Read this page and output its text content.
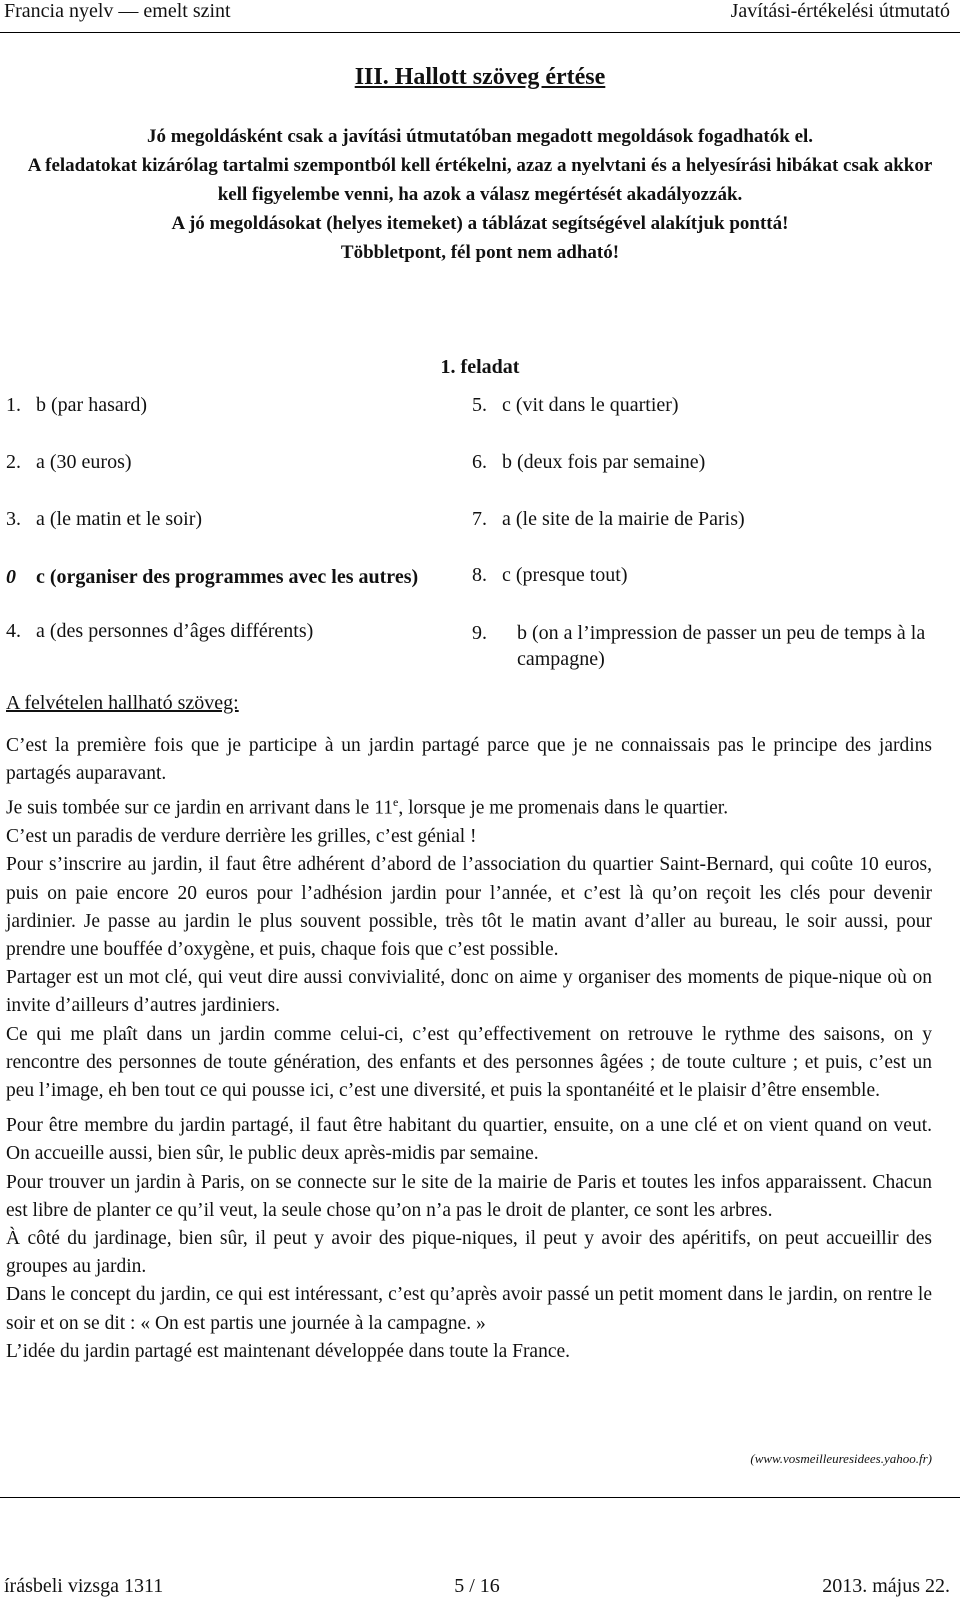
Francia nyelv — emelt szint	Javítási-értékelési útmutató
III. Hallott szöveg értése

Jó megoldásként csak a javítási útmutatóban megadott megoldások fogadhatók el.

A feladatokat kizárólag tartalmi szempontból kell értékelni, azaz a nyelvtani és a helyesírási hibákat csak akkor kell figyelembe venni, ha azok a válasz megértését akadályozzák.

A jó megoldásokat (helyes itemeket) a táblázat segítségével alakítjuk ponttá!

Többletpont, fél pont nem adható!

1. feladat
1. b (par hasard)
2. a (30 euros)
3. a (le matin et le soir)
0 c (organiser des programmes avec les autres)
4. a (des personnes d’âges différents)
5. c (vit dans le quartier)
6. b (deux fois par semaine)
7. a (le site de la mairie de Paris)
8. c (presque tout)
9. b (on a l’impression de passer un peu de temps à la campagne)
A felvételen hallható szöveg:

C’est la première fois que je participe à un jardin partagé parce que je ne connaissais pas le principe des jardins partagés auparavant.

Je suis tombée sur ce jardin en arrivant dans le 11e, lorsque je me promenais dans le quartier.

C’est un paradis de verdure derrière les grilles, c’est génial !

Pour s’inscrire au jardin, il faut être adhérent d’abord de l’association du quartier Saint-Bernard, qui coûte 10 euros, puis on paie encore 20 euros pour l’adhésion jardin pour l’année, et c’est là qu’on reçoit les clés pour devenir jardinier. Je passe au jardin le plus souvent possible, très tôt le matin avant d’aller au bureau, le soir aussi, pour prendre une bouffée d’oxygène, et puis, chaque fois que c’est possible.

Partager est un mot clé, qui veut dire aussi convivialité, donc on aime y organiser des moments de pique-nique où on invite d’ailleurs d’autres jardiniers.

Ce qui me plaît dans un jardin comme celui-ci, c’est qu’effectivement on retrouve le rythme des saisons, on y rencontre des personnes de toute génération, des enfants et des personnes âgées ; de toute culture ; et puis, c’est un peu l’image, eh ben tout ce qui pousse ici, c’est une diversité, et puis la spontanéité et le plaisir d’être ensemble.

Pour être membre du jardin partagé, il faut être habitant du quartier, ensuite, on a une clé et on vient quand on veut. On accueille aussi, bien sûr, le public deux après-midis par semaine.

Pour trouver un jardin à Paris, on se connecte sur le site de la mairie de Paris et toutes les infos apparaissent. Chacun est libre de planter ce qu’il veut, la seule chose qu’on n’a pas le droit de planter, ce sont les arbres.

À côté du jardinage, bien sûr, il peut y avoir des pique-niques, il peut y avoir des apéritifs, on peut accueillir des groupes au jardin.

Dans le concept du jardin, ce qui est intéressant, c’est qu’après avoir passé un petit moment dans le jardin, on rentre le soir et on se dit : « On est partis une journée à la campagne. »

L’idée du jardin partagé est maintenant développée dans toute la France.

(www.vosmeilleuresidees.yahoo.fr)
írásbeli vizsga 1311	5 / 16	2013. május 22.
